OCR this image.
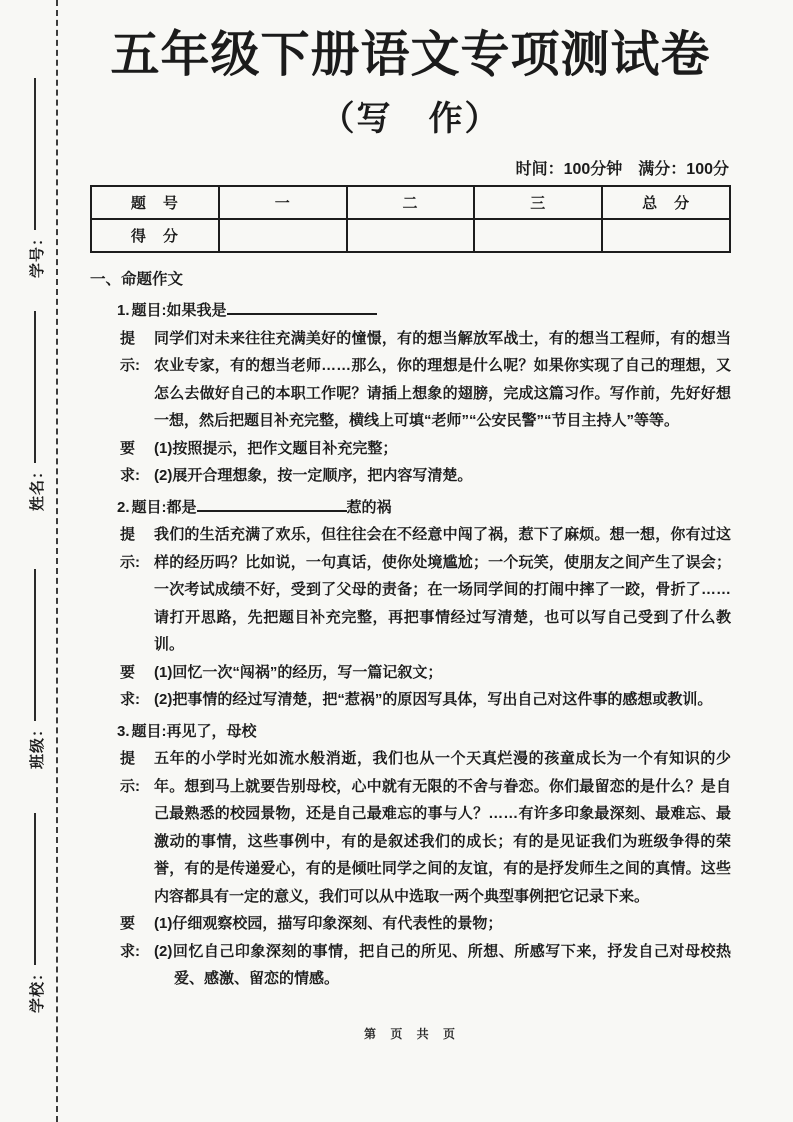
学号：
姓名：
班级：
学校：
五年级下册语文专项测试卷
（写　作）
时间：100分钟　满分：100分
题　号	一	二	三	总　分
得　分				
一、命题作文
1. 题目:如果我是
提示:
同学们对未来往往充满美好的憧憬，有的想当解放军战士，有的想当工程师，有的想当农业专家，有的想当老师……那么，你的理想是什么呢？如果你实现了自己的理想，又怎么去做好自己的本职工作呢？请插上想象的翅膀，完成这篇习作。写作前，先好好想一想，然后把题目补充完整，横线上可填“老师”“公安民警”“节目主持人”等等。
要求:
(1)按照提示，把作文题目补充完整；
(2)展开合理想象，按一定顺序，把内容写清楚。
2. 题目:都是	惹的祸
提示:
我们的生活充满了欢乐，但往往会在不经意中闯了祸，惹下了麻烦。想一想，你有过这样的经历吗？比如说，一句真话，使你处境尴尬；一个玩笑，使朋友之间产生了误会；一次考试成绩不好，受到了父母的责备；在一场同学间的打闹中摔了一跤，骨折了……请打开思路，先把题目补充完整，再把事情经过写清楚，也可以写自己受到了什么教训。
要求:
(1)回忆一次“闯祸”的经历，写一篇记叙文；
(2)把事情的经过写清楚，把“惹祸”的原因写具体，写出自己对这件事的感想或教训。
3. 题目:再见了，母校
提示:
五年的小学时光如流水般消逝，我们也从一个天真烂漫的孩童成长为一个有知识的少年。想到马上就要告别母校，心中就有无限的不舍与眷恋。你们最留恋的是什么？是自己最熟悉的校园景物，还是自己最难忘的事与人？……有许多印象最深刻、最难忘、最激动的事情，这些事例中，有的是叙述我们的成长；有的是见证我们为班级争得的荣誉，有的是传递爱心，有的是倾吐同学之间的友谊，有的是抒发师生之间的真情。这些内容都具有一定的意义，我们可以从中选取一两个典型事例把它记录下来。
要求:
(1)仔细观察校园，描写印象深刻、有代表性的景物；
(2)回忆自己印象深刻的事情，把自己的所见、所想、所感写下来，抒发自己对母校热爱、感激、留恋的情感。
第 页 共 页
